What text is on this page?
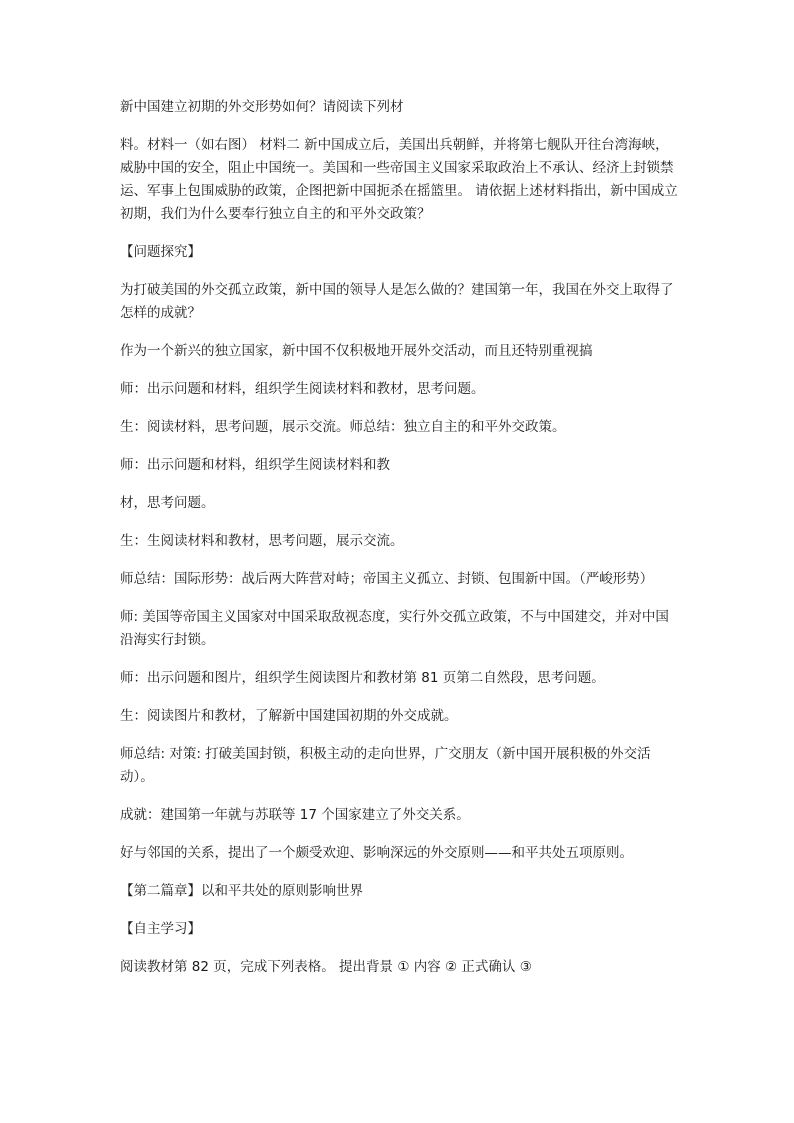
新中国建立初期的外交形势如何？请阅读下列材

料。材料一（如右图） 材料二 新中国成立后，美国出兵朝鲜，并将第七舰队开往台湾海峡，威胁中国的安全，阻止中国统一。美国和一些帝国主义国家采取政治上不承认、经济上封锁禁运、军事上包围威胁的政策，企图把新中国扼杀在摇篮里。 请依据上述材料指出，新中国成立初期，我们为什么要奉行独立自主的和平外交政策？

【问题探究】

为打破美国的外交孤立政策，新中国的领导人是怎么做的？建国第一年，我国在外交上取得了怎样的成就？

作为一个新兴的独立国家，新中国不仅积极地开展外交活动，而且还特别重视搞

师：出示问题和材料，组织学生阅读材料和教材，思考问题。

生：阅读材料，思考问题，展示交流。师总结：独立自主的和平外交政策。

师：出示问题和材料，组织学生阅读材料和教

材，思考问题。

生：生阅读材料和教材，思考问题，展示交流。

师总结：国际形势：战后两大阵营对峙；帝国主义孤立、封锁、包围新中国。（严峻形势）

师: 美国等帝国主义国家对中国采取敌视态度，实行外交孤立政策，不与中国建交，并对中国沿海实行封锁。

师：出示问题和图片，组织学生阅读图片和教材第 81 页第二自然段，思考问题。

生：阅读图片和教材，了解新中国建国初期的外交成就。

师总结: 对策: 打破美国封锁，积极主动的走向世界，广交朋友（新中国开展积极的外交活动）。

成就：建国第一年就与苏联等 17 个国家建立了外交关系。

好与邻国的关系，提出了一个颇受欢迎、影响深远的外交原则——和平共处五项原则。

【第二篇章】以和平共处的原则影响世界

【自主学习】

阅读教材第 82 页，完成下列表格。 提出背景 ① 内容 ② 正式确认 ③
